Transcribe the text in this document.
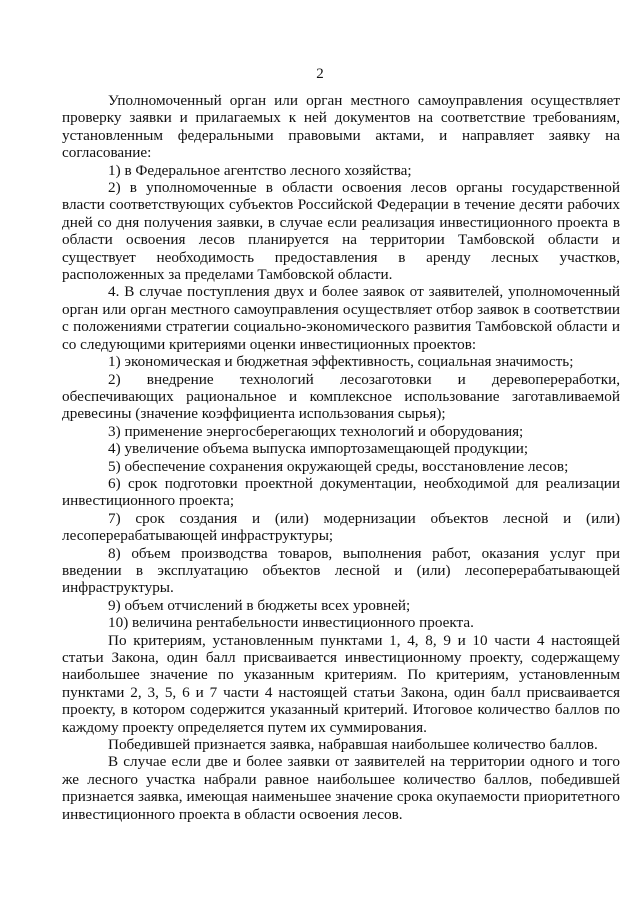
2

Уполномоченный орган или орган местного самоуправления осуществляет проверку заявки и прилагаемых к ней документов на соответствие требованиям, установленным федеральными правовыми актами, и направляет заявку на согласование:

1) в Федеральное агентство лесного хозяйства;

2) в уполномоченные в области освоения лесов органы государственной власти соответствующих субъектов Российской Федерации в течение десяти рабочих дней со дня получения заявки, в случае если реализация инвестиционного проекта в области освоения лесов планируется на территории Тамбовской области и существует необходимость предоставления в аренду лесных участков, расположенных за пределами Тамбовской области.

4. В случае поступления двух и более заявок от заявителей, уполномоченный орган или орган местного самоуправления осуществляет отбор заявок в соответствии с положениями стратегии социально-экономического развития Тамбовской области и со следующими критериями оценки инвестиционных проектов:

1) экономическая и бюджетная эффективность, социальная значимость;

2) внедрение технологий лесозаготовки и деревопереработки, обеспечивающих рациональное и комплексное использование заготавливаемой древесины (значение коэффициента использования сырья);

3) применение энергосберегающих технологий и оборудования;

4) увеличение объема выпуска импортозамещающей продукции;

5) обеспечение сохранения окружающей среды, восстановление лесов;

6) срок подготовки проектной документации, необходимой для реализации инвестиционного проекта;

7) срок создания и (или) модернизации объектов лесной и (или) лесоперерабатывающей инфраструктуры;

8) объем производства товаров, выполнения работ, оказания услуг при введении в эксплуатацию объектов лесной и (или) лесоперерабатывающей инфраструктуры.

9) объем отчислений в бюджеты всех уровней;

10) величина рентабельности инвестиционного проекта.

По критериям, установленным пунктами 1, 4, 8, 9 и 10 части 4 настоящей статьи Закона, один балл присваивается инвестиционному проекту, содержащему наибольшее значение по указанным критериям. По критериям, установленным пунктами 2, 3, 5, 6 и 7 части 4 настоящей статьи Закона, один балл присваивается проекту, в котором содержится указанный критерий. Итоговое количество баллов по каждому проекту определяется путем их суммирования.

Победившей признается заявка, набравшая наибольшее количество баллов.

В случае если две и более заявки от заявителей на территории одного и того же лесного участка набрали равное наибольшее количество баллов, победившей признается заявка, имеющая наименьшее значение срока окупаемости приоритетного инвестиционного проекта в области освоения лесов.
